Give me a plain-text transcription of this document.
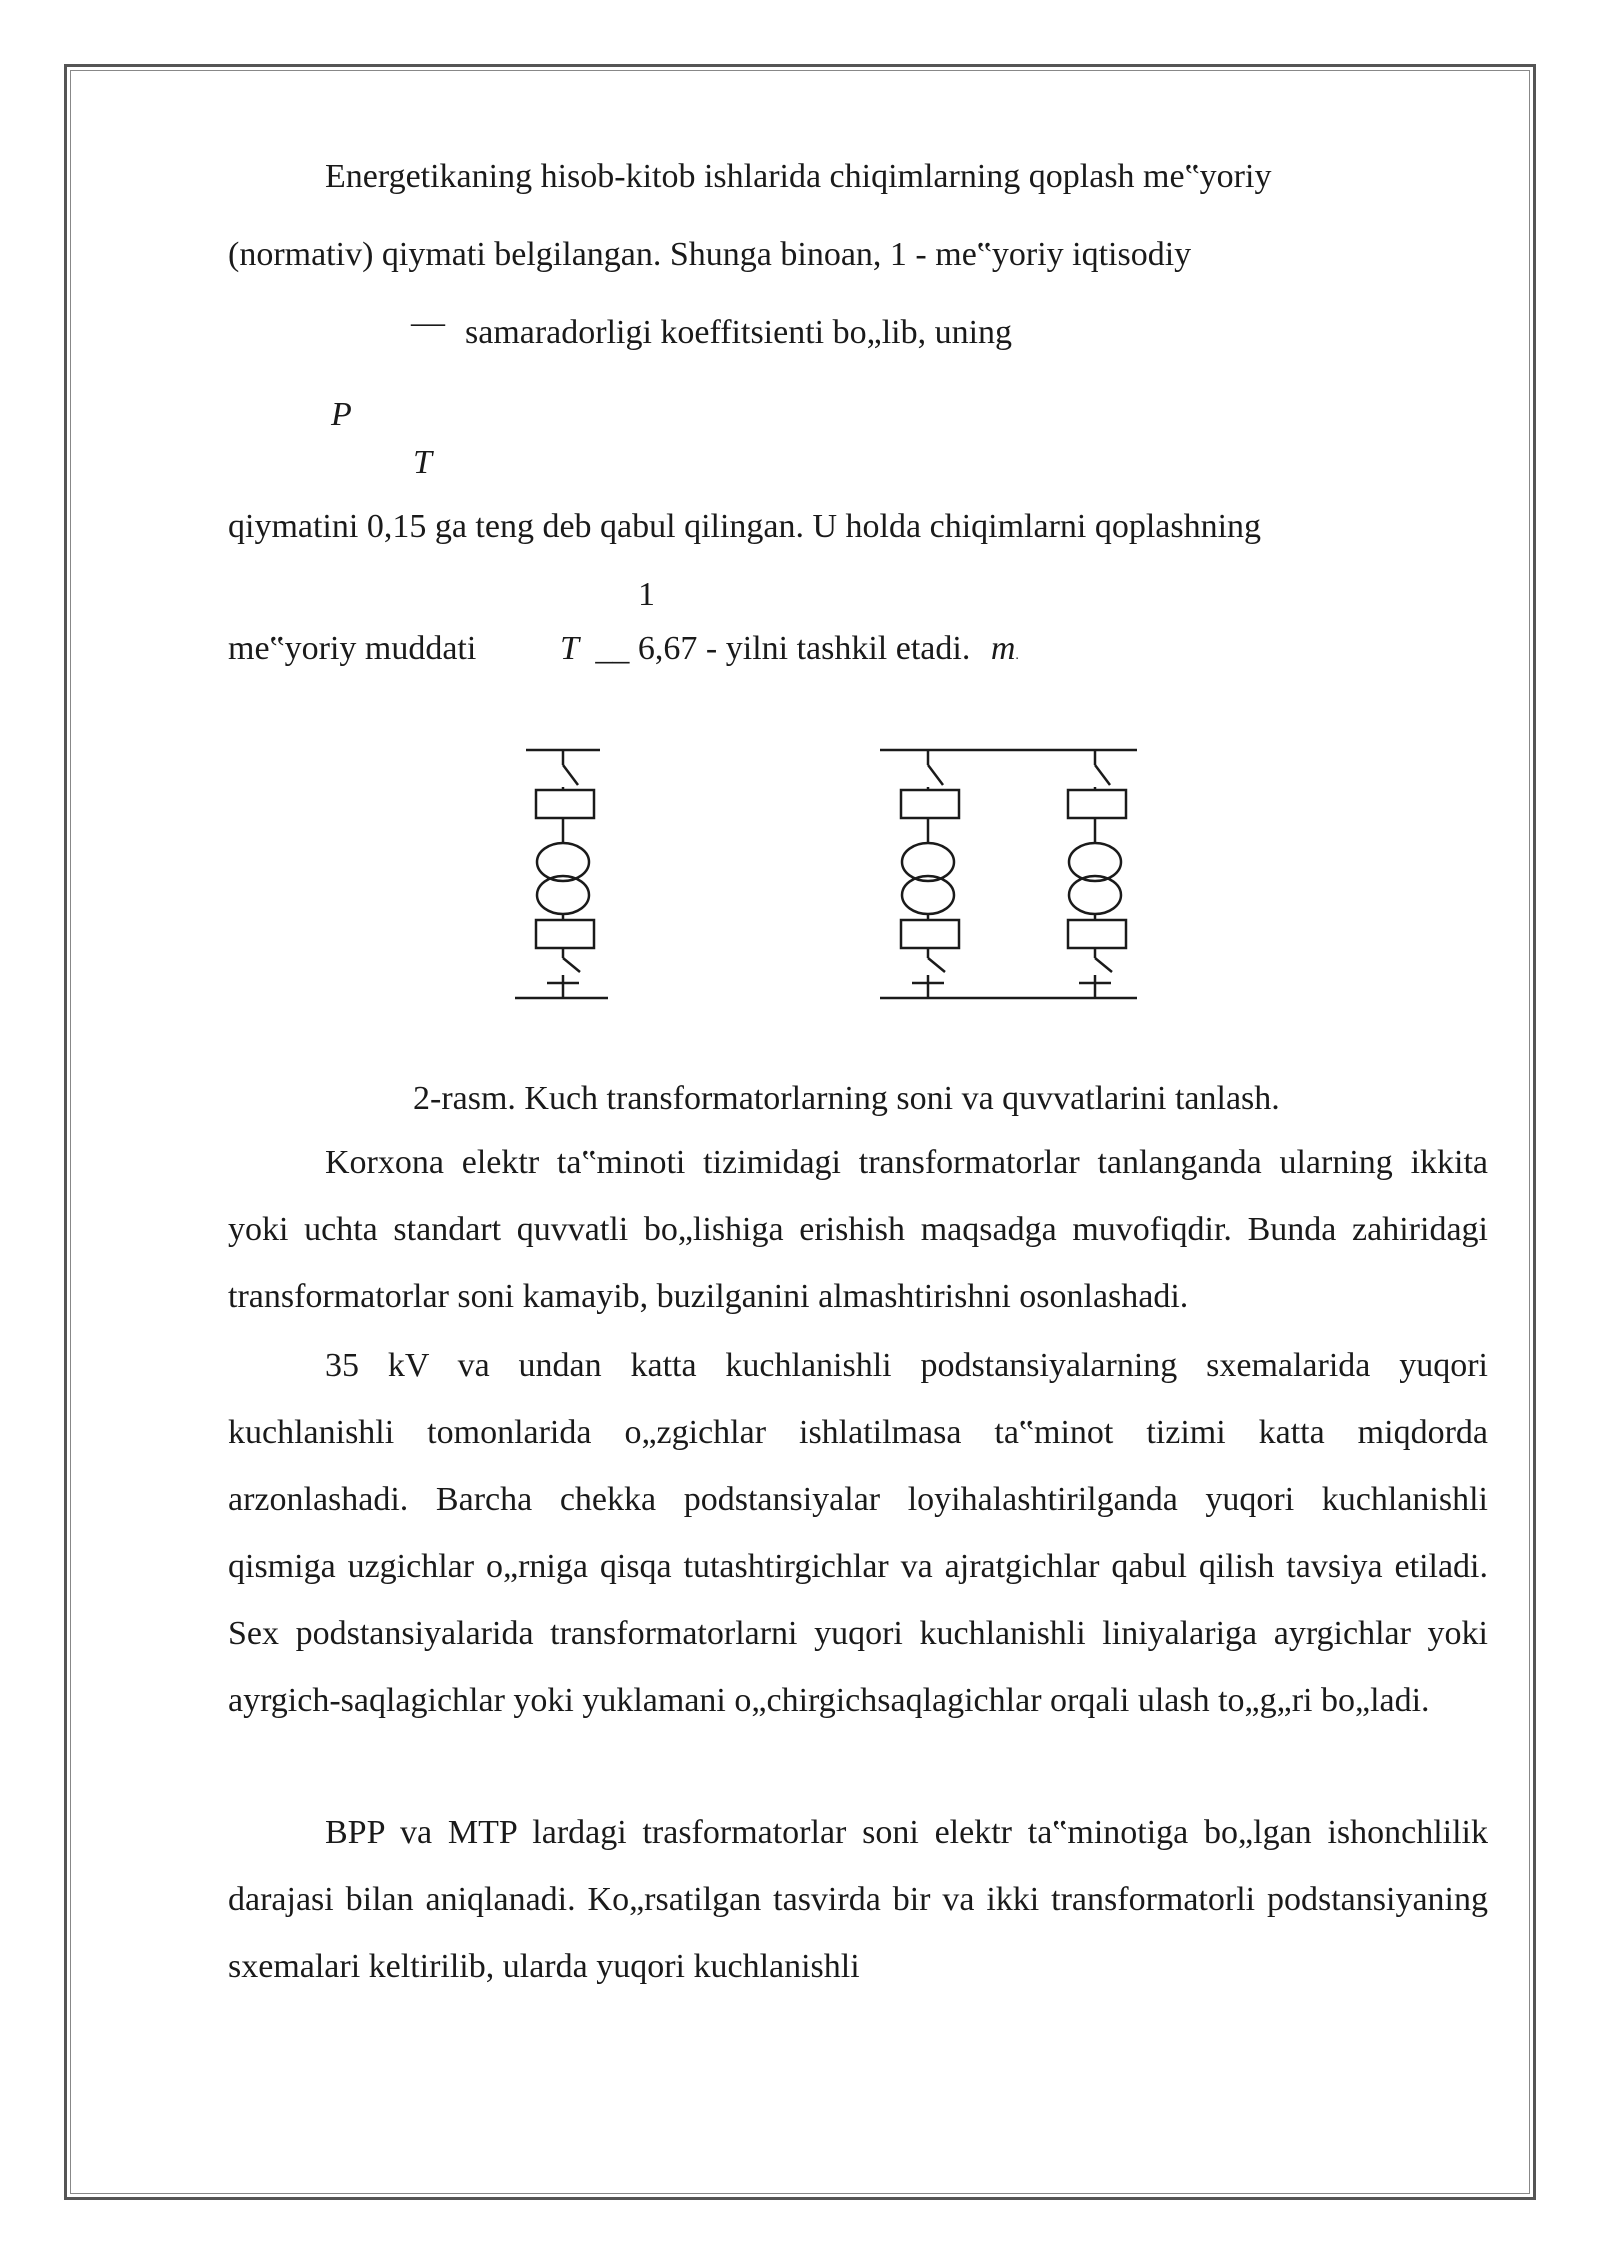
Energetikaning hisob-kitob ishlarida chiqimlarning qoplash me‟yoriy
(normativ) qiymati belgilangan. Shunga binoan, 1 - me‟yoriy iqtisodiy
— samaradorligi koeffitsienti bo„lib, uning
P
T
qiymatini 0,15 ga teng deb qabul qilingan. U holda chiqimlarni qoplashning
1
me‟yoriy muddati T __ 6,67 - yilni tashkil etadi. m.
2-rasm. Kuch transformatorlarning soni va quvvatlarini tanlash.
Korxona elektr ta‟minoti tizimidagi transformatorlar tanlanganda ularning ikkita yoki uchta standart quvvatli bo„lishiga erishish maqsadga muvofiqdir. Bunda zahiridagi transformatorlar soni kamayib, buzilganini almashtirishni osonlashadi.
35 kV va undan katta kuchlanishli podstansiyalarning sxemalarida yuqori kuchlanishli tomonlarida o„zgichlar ishlatilmasa ta‟minot tizimi katta miqdorda arzonlashadi. Barcha chekka podstansiyalar loyihalashtirilganda yuqori kuchlanishli qismiga uzgichlar o„rniga qisqa tutashtirgichlar va ajratgichlar qabul qilish tavsiya etiladi. Sex podstansiyalarida transformatorlarni yuqori kuchlanishli liniyalariga ayrgichlar yoki ayrgich-saqlagichlar yoki yuklamani o„chirgichsaqlagichlar orqali ulash to„g„ri bo„ladi.
BPP va MTP lardagi trasformatorlar soni elektr ta‟minotiga bo„lgan ishonchlilik darajasi bilan aniqlanadi. Ko„rsatilgan tasvirda bir va ikki transformatorli podstansiyaning sxemalari keltirilib, ularda yuqori kuchlanishli
